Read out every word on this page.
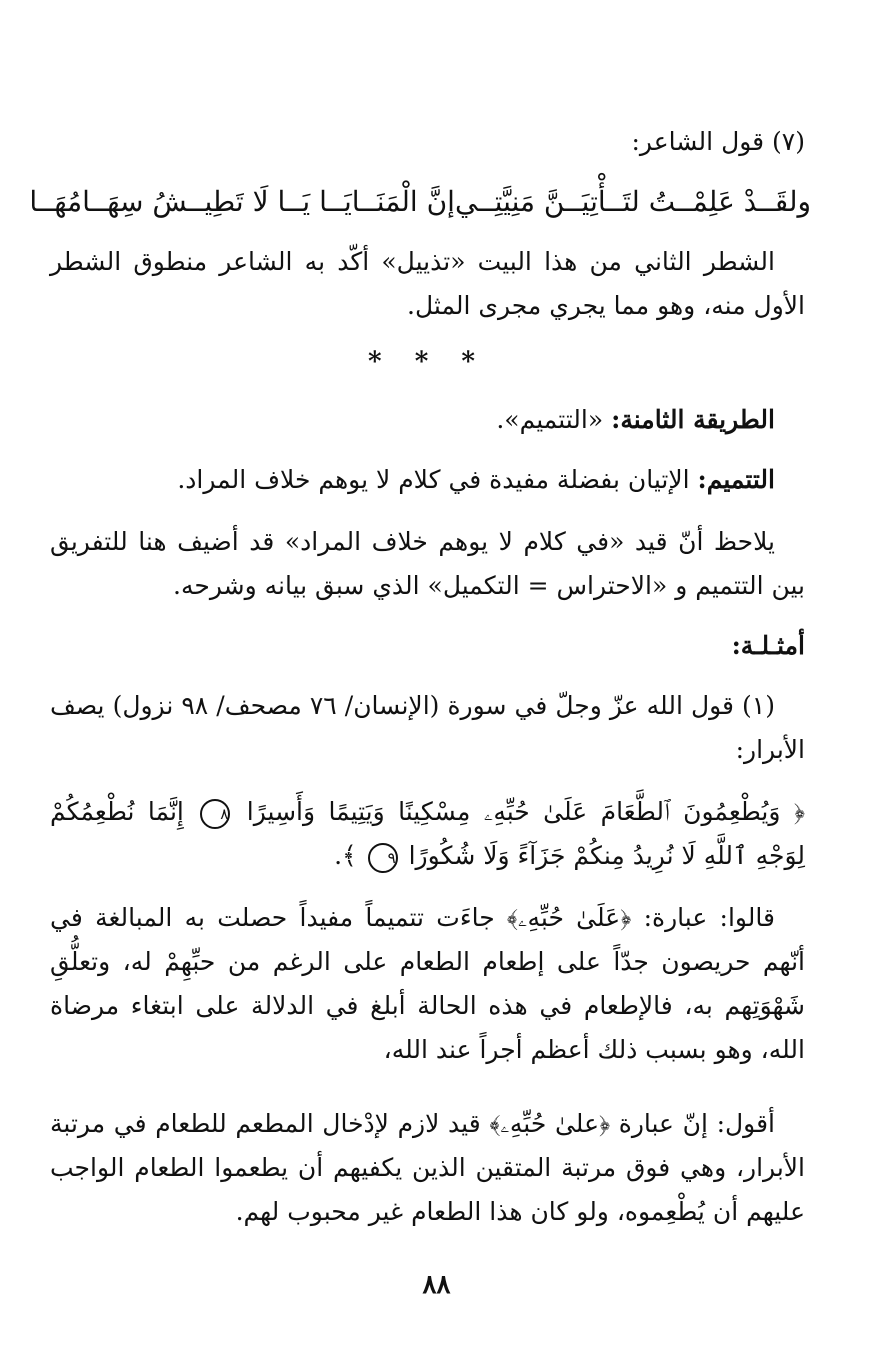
(٧) قول الشاعر:

ولقَــدْ عَلِمْــتُ لتَــأْتِيَــنَّ مَنِيَّتِــي
إنَّ الْمَنَــايَــا يَــا لَا تَطِيــشُ سِهَــامُهَــا

الشطر الثاني من هذا البيت «تذييل» أكّد به الشاعر منطوق الشطر الأول منه، وهو مما يجري مجرى المثل.

* * *

الطريقة الثامنة: «التتميم».

التتميم: الإتيان بفضلة مفيدة في كلام لا يوهم خلاف المراد.

يلاحظ أنّ قيد «في كلام لا يوهم خلاف المراد» قد أضيف هنا للتفريق بين التتميم و «الاحتراس = التكميل» الذي سبق بيانه وشرحه.

أمثـلـة:

(١) قول الله عزّ وجلّ في سورة (الإنسان/ ٧٦ مصحف/ ٩٨ نزول) يصف الأبرار:

﴿ وَيُطْعِمُونَ ٱلطَّعَامَ عَلَىٰ حُبِّهِۦ مِسْكِينًا وَيَتِيمًا وَأَسِيرًا ٨ إِنَّمَا نُطْعِمُكُمْ لِوَجْهِ ٱللَّهِ لَا نُرِيدُ مِنكُمْ جَزَآءً وَلَا شُكُورًا ٩ ﴾.

قالوا: عبارة: ﴿عَلَىٰ حُبِّهِۦ﴾ جاءَت تتميماً مفيداً حصلت به المبالغة في أنّهم حريصون جدّاً على إطعام الطعام على الرغم من حبِّهِمْ له، وتعلُّقِ شَهْوَتِهم به، فالإطعام في هذه الحالة أبلغ في الدلالة على ابتغاء مرضاة الله، وهو بسبب ذلك أعظم أجراً عند الله،

أقول: إنّ عبارة ﴿علىٰ حُبِّهِۦ﴾ قيد لازم لإدْخال المطعم للطعام في مرتبة الأبرار، وهي فوق مرتبة المتقين الذين يكفيهم أن يطعموا الطعام الواجب عليهم أن يُطْعِموه، ولو كان هذا الطعام غير محبوب لهم.

٨٨
